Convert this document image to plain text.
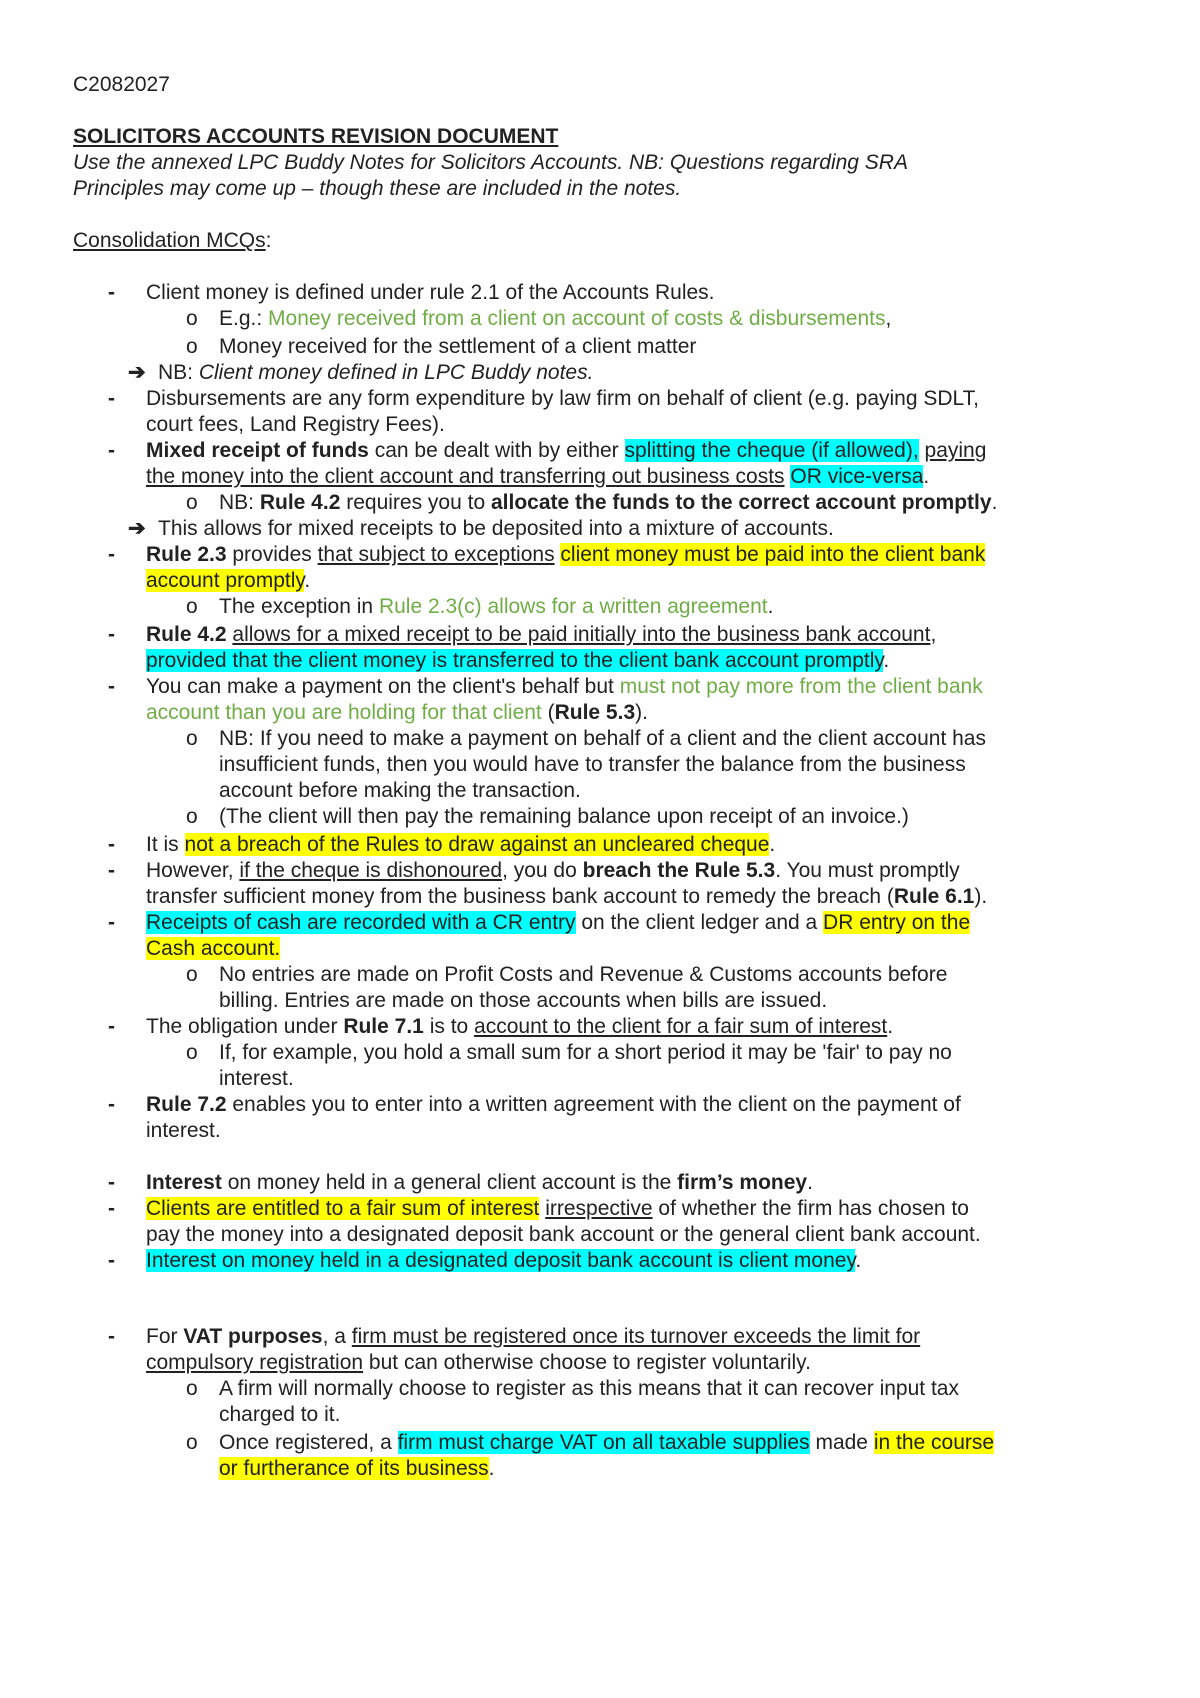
C2082027
SOLICITORS ACCOUNTS REVISION DOCUMENT
Use the annexed LPC Buddy Notes for Solicitors Accounts. NB: Questions regarding SRA
Principles may come up – though these are included in the notes.
Consolidation MCQs:
- Client money is defined under rule 2.1 of the Accounts Rules.
o E.g.: Money received from a client on account of costs & disbursements,
o Money received for the settlement of a client matter
➔ NB: Client money defined in LPC Buddy notes.
- Disbursements are any form expenditure by law firm on behalf of client (e.g. paying SDLT,
court fees, Land Registry Fees).
- Mixed receipt of funds can be dealt with by either splitting the cheque (if allowed), paying
the money into the client account and transferring out business costs OR vice-versa.
o NB: Rule 4.2 requires you to allocate the funds to the correct account promptly.
➔ This allows for mixed receipts to be deposited into a mixture of accounts.
- Rule 2.3 provides that subject to exceptions client money must be paid into the client bank
account promptly.
o The exception in Rule 2.3(c) allows for a written agreement.
- Rule 4.2 allows for a mixed receipt to be paid initially into the business bank account,
provided that the client money is transferred to the client bank account promptly.
- You can make a payment on the client's behalf but must not pay more from the client bank
account than you are holding for that client (Rule 5.3).
o NB: If you need to make a payment on behalf of a client and the client account has
insufficient funds, then you would have to transfer the balance from the business
account before making the transaction.
o (The client will then pay the remaining balance upon receipt of an invoice.)
- It is not a breach of the Rules to draw against an uncleared cheque.
- However, if the cheque is dishonoured, you do breach the Rule 5.3. You must promptly
transfer sufficient money from the business bank account to remedy the breach (Rule 6.1).
- Receipts of cash are recorded with a CR entry on the client ledger and a DR entry on the
Cash account.
o No entries are made on Profit Costs and Revenue & Customs accounts before
billing. Entries are made on those accounts when bills are issued.
- The obligation under Rule 7.1 is to account to the client for a fair sum of interest.
o If, for example, you hold a small sum for a short period it may be 'fair' to pay no
interest.
- Rule 7.2 enables you to enter into a written agreement with the client on the payment of
interest.
- Interest on money held in a general client account is the firm’s money.
- Clients are entitled to a fair sum of interest irrespective of whether the firm has chosen to
pay the money into a designated deposit bank account or the general client bank account.
- Interest on money held in a designated deposit bank account is client money.
- For VAT purposes, a firm must be registered once its turnover exceeds the limit for
compulsory registration but can otherwise choose to register voluntarily.
o A firm will normally choose to register as this means that it can recover input tax
charged to it.
o Once registered, a firm must charge VAT on all taxable supplies made in the course
or furtherance of its business.
